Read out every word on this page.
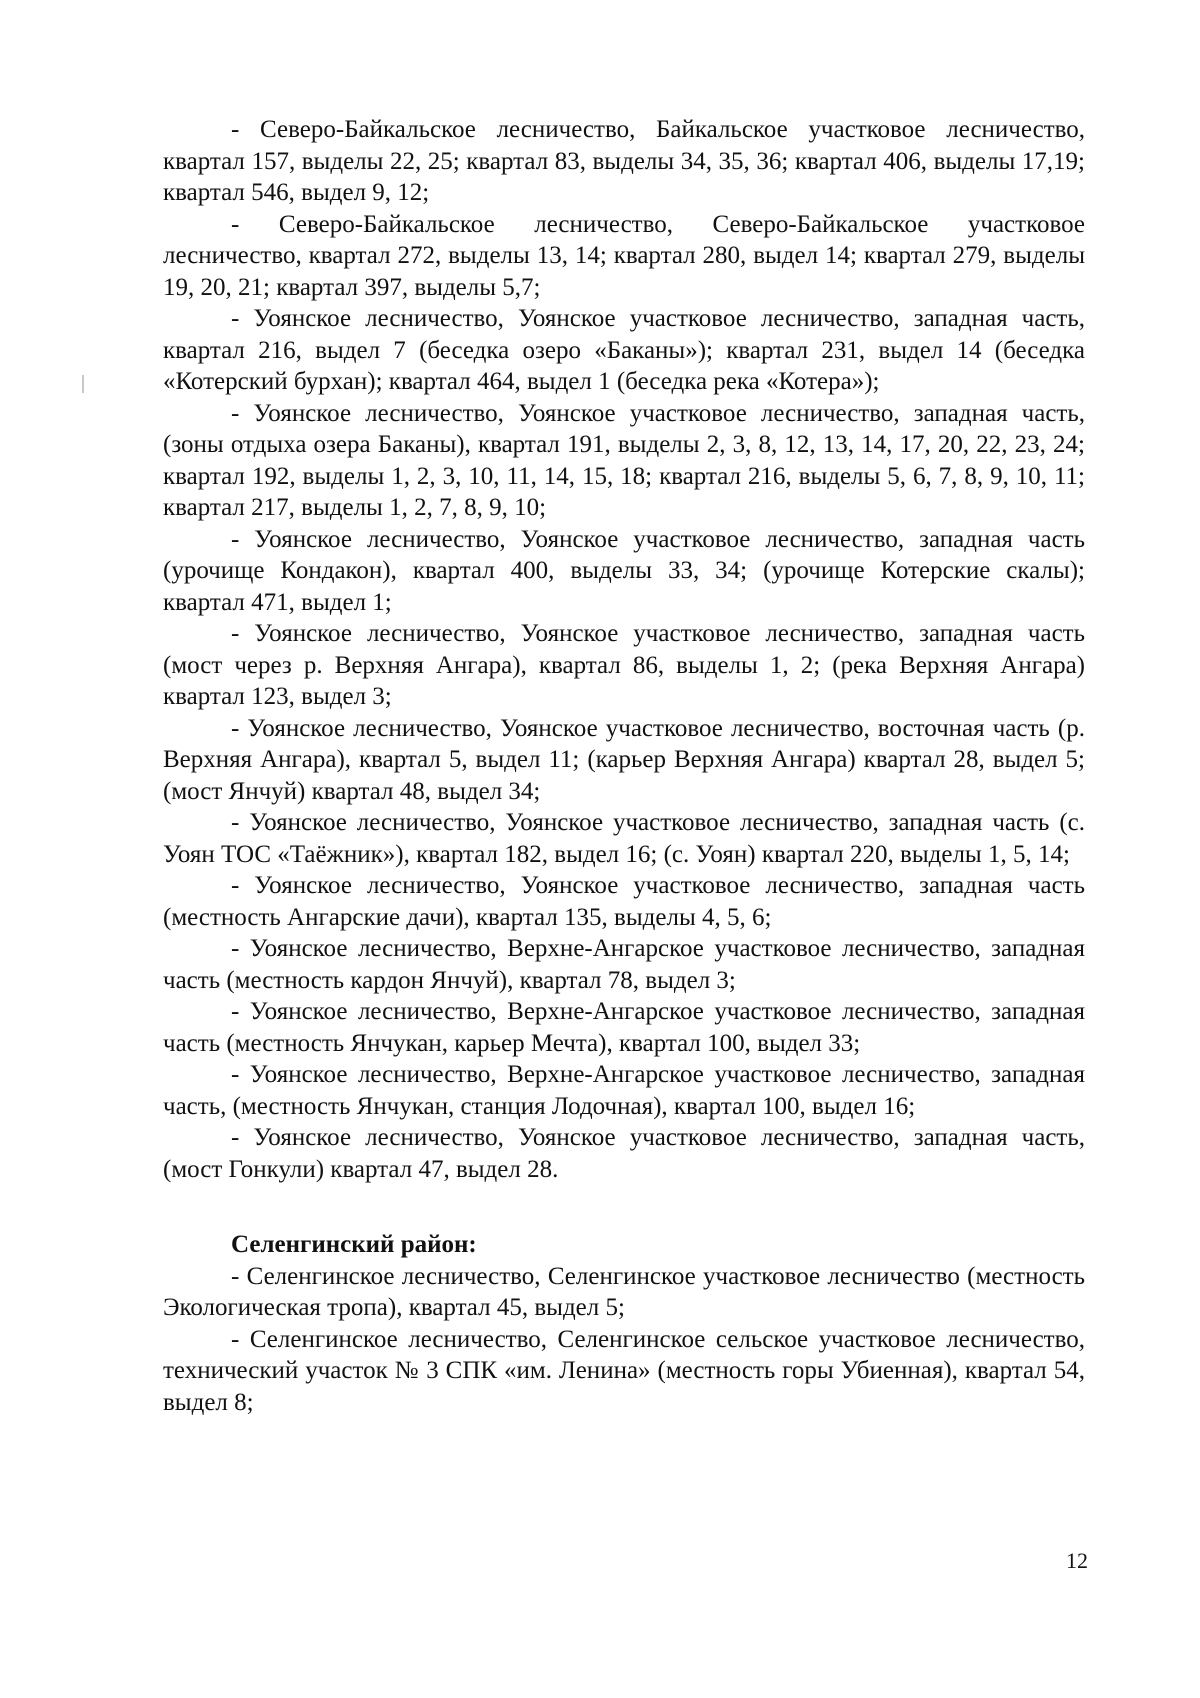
- Северо-Байкальское лесничество, Байкальское участковое лесничество, квартал 157, выделы 22, 25; квартал 83, выделы 34, 35, 36; квартал 406, выделы 17,19; квартал 546, выдел 9, 12;

- Северо-Байкальское лесничество, Северо-Байкальское участковое лесничество, квартал 272, выделы 13, 14; квартал 280, выдел 14; квартал 279, выделы 19, 20, 21; квартал 397, выделы 5,7;

- Уоянское лесничество, Уоянское участковое лесничество, западная часть, квартал 216, выдел 7 (беседка озеро «Баканы»); квартал 231, выдел 14 (беседка «Котерский бурхан); квартал 464, выдел 1 (беседка река «Котера»);

- Уоянское лесничество, Уоянское участковое лесничество, западная часть, (зоны отдыха озера Баканы), квартал 191, выделы 2, 3, 8, 12, 13, 14, 17, 20, 22, 23, 24; квартал 192, выделы 1, 2, 3, 10, 11, 14, 15, 18; квартал 216, выделы 5, 6, 7, 8, 9, 10, 11; квартал 217, выделы 1, 2, 7, 8, 9, 10;

- Уоянское лесничество, Уоянское участковое лесничество, западная часть (урочище Кондакон), квартал 400, выделы 33, 34; (урочище Котерские скалы); квартал 471, выдел 1;

- Уоянское лесничество, Уоянское участковое лесничество, западная часть (мост через р. Верхняя Ангара), квартал 86, выделы 1, 2; (река Верхняя Ангара) квартал 123, выдел 3;

- Уоянское лесничество, Уоянское участковое лесничество, восточная часть (р. Верхняя Ангара), квартал 5, выдел 11; (карьер Верхняя Ангара) квартал 28, выдел 5; (мост Янчуй) квартал 48, выдел 34;

- Уоянское лесничество, Уоянское участковое лесничество, западная часть (с. Уоян ТОС «Таёжник»), квартал 182, выдел 16; (с. Уоян) квартал 220, выделы 1, 5, 14;

- Уоянское лесничество, Уоянское участковое лесничество, западная часть (местность Ангарские дачи), квартал 135, выделы 4, 5, 6;

- Уоянское лесничество, Верхне-Ангарское участковое лесничество, западная часть (местность кардон Янчуй), квартал 78, выдел 3;

- Уоянское лесничество, Верхне-Ангарское участковое лесничество, западная часть (местность Янчукан, карьер Мечта), квартал 100, выдел 33;

- Уоянское лесничество, Верхне-Ангарское участковое лесничество, западная часть, (местность Янчукан, станция Лодочная), квартал 100, выдел 16;

- Уоянское лесничество, Уоянское участковое лесничество, западная часть, (мост Гонкули) квартал 47, выдел 28.

Селенгинский район:

- Селенгинское лесничество, Селенгинское участковое лесничество (местность Экологическая тропа), квартал 45, выдел 5;

- Селенгинское лесничество, Селенгинское сельское участковое лесничество, технический участок № 3 СПК «им. Ленина» (местность горы Убиенная), квартал 54, выдел 8;

12
